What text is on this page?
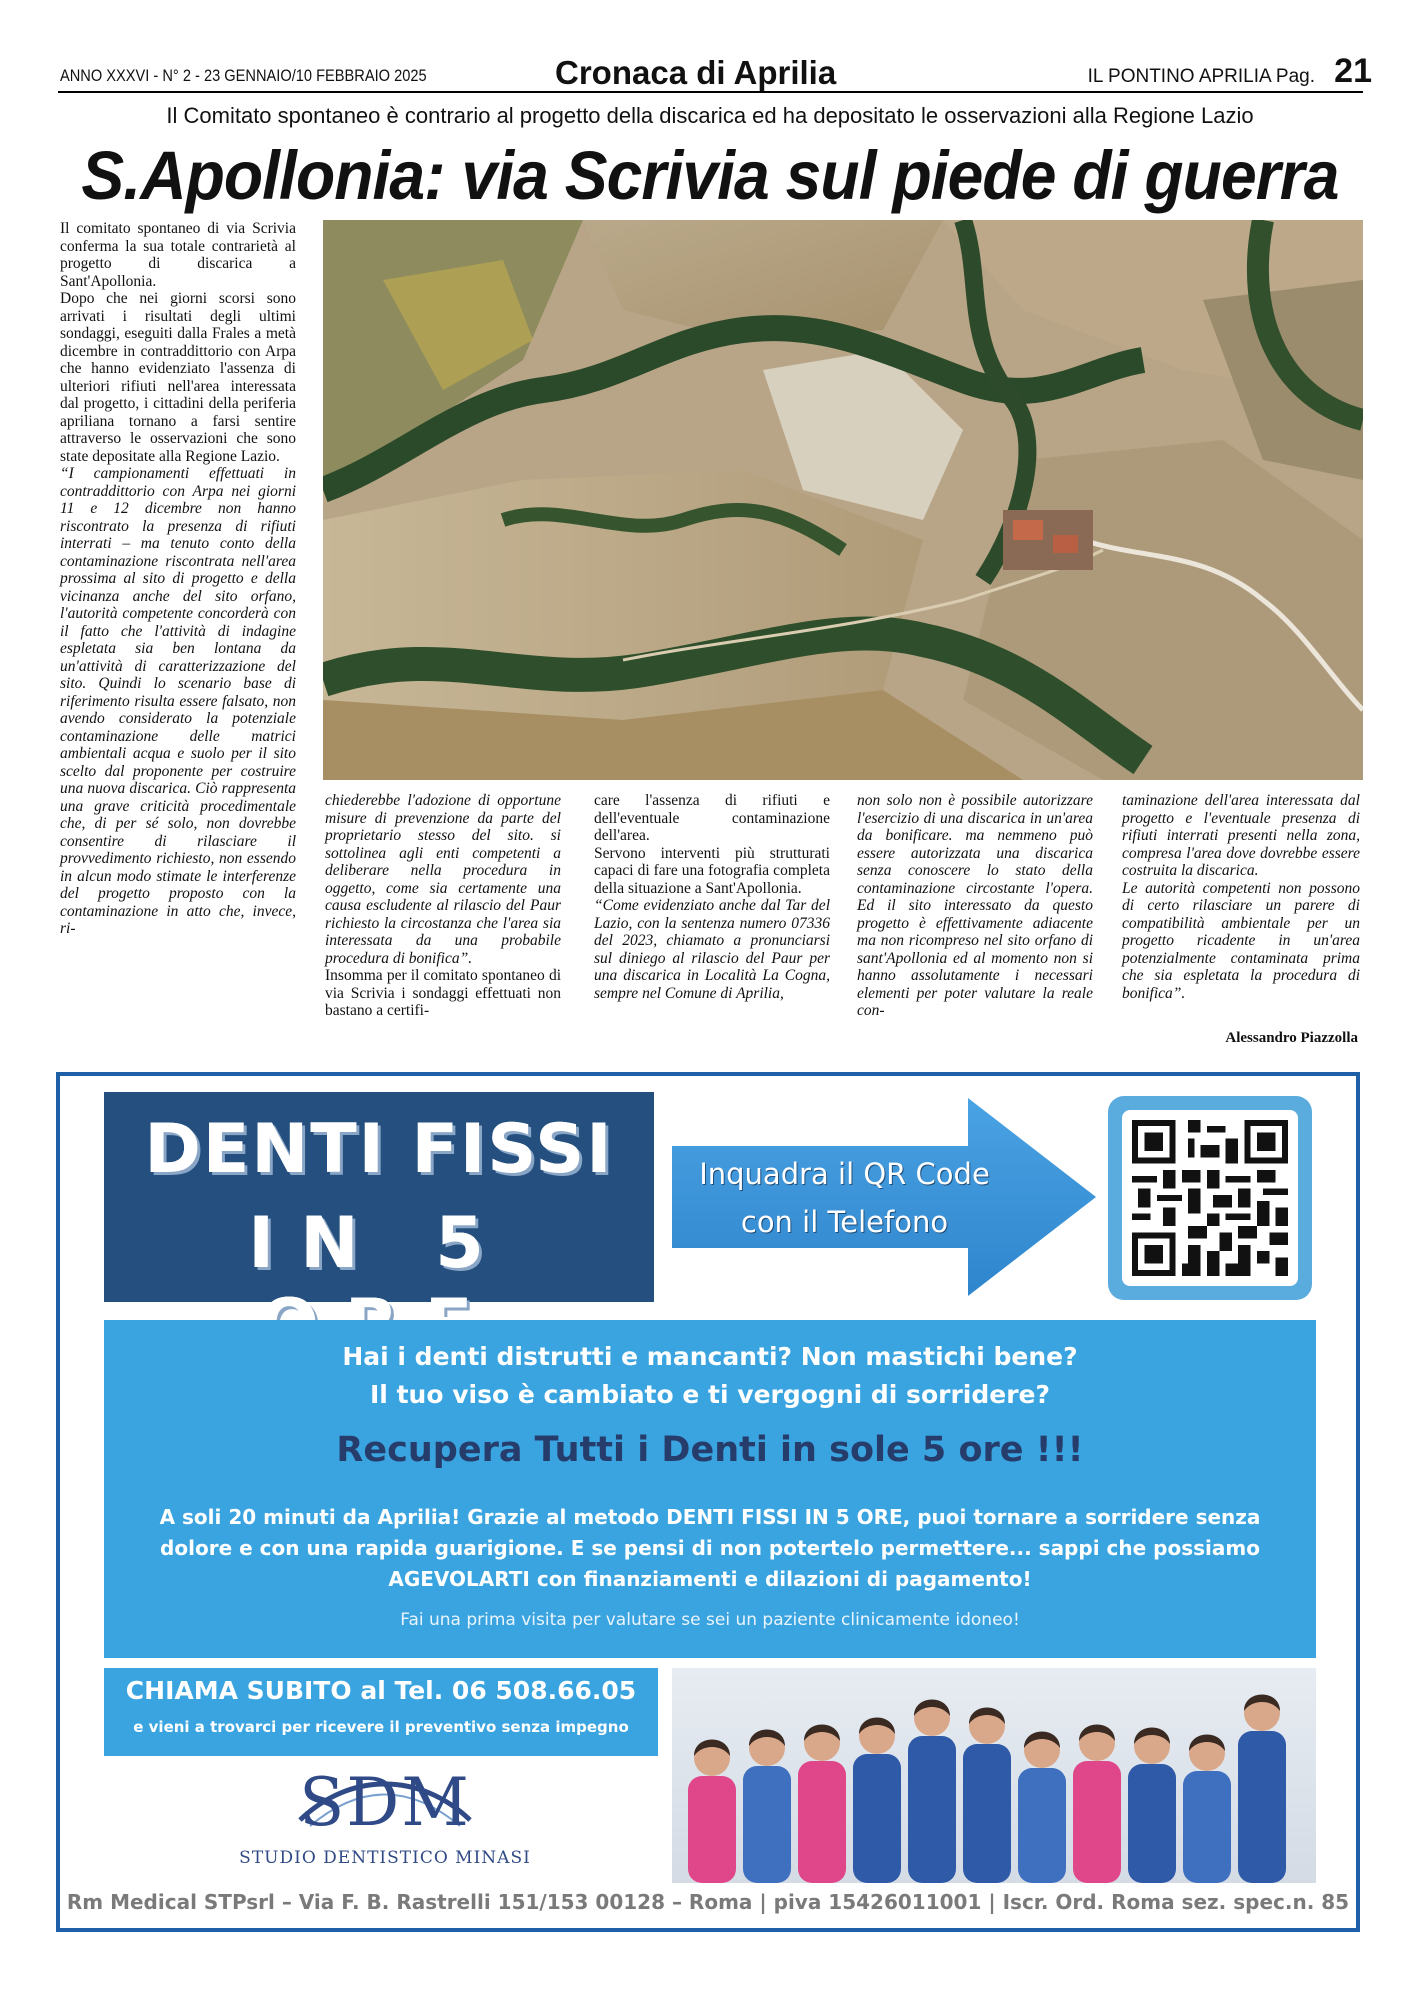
ANNO XXXVI - N° 2 - 23 GENNAIO/10 FEBBRAIO 2025	Cronaca di Aprilia	IL PONTINO APRILIA Pag. 21
Il Comitato spontaneo è contrario al progetto della discarica ed ha depositato le osservazioni alla Regione Lazio
S.Apollonia: via Scrivia sul piede di guerra

Il comitato spontaneo di via Scrivia conferma la sua totale contrarietà al progetto di discarica a Sant'Apollonia.

Dopo che nei giorni scorsi sono arrivati i risultati degli ultimi sondaggi, eseguiti dalla Frales a metà dicembre in contraddittorio con Arpa che hanno evidenziato l'assenza di ulteriori rifiuti nell'area interessata dal progetto, i cittadini della periferia apriliana tornano a farsi sentire attraverso le osservazioni che sono state depositate alla Regione Lazio.

“I campionamenti effettuati in contraddittorio con Arpa nei giorni 11 e 12 dicembre non hanno riscontrato la presenza di rifiuti interrati – ma tenuto conto della contaminazione riscontrata nell'area prossima al sito di progetto e della vicinanza anche del sito orfano, l'autorità competente concorderà con il fatto che l'attività di indagine espletata sia ben lontana da un'attività di caratterizzazione del sito. Quindi lo scenario base di riferimento risulta essere falsato, non avendo considerato la potenziale contaminazione delle matrici ambientali acqua e suolo per il sito scelto dal proponente per costruire una nuova discarica. Ciò rappresenta una grave criticità procedimentale che, di per sé solo, non dovrebbe consentire di rilasciare il provvedimento richiesto, non essendo in alcun modo stimate le interferenze del progetto proposto con la contaminazione in atto che, invece, ri-

chiederebbe l'adozione di opportune misure di prevenzione da parte del proprietario stesso del sito. si sottolinea agli enti competenti a deliberare nella procedura in oggetto, come sia certamente una causa escludente al rilascio del Paur richiesto la circostanza che l'area sia interessata da una probabile procedura di bonifica”.

Insomma per il comitato spontaneo di via Scrivia i sondaggi effettuati non bastano a certifi-

care l'assenza di rifiuti e dell'eventuale contaminazione dell'area.

Servono interventi più strutturati capaci di fare una fotografia completa della situazione a Sant'Apollonia.

“Come evidenziato anche dal Tar del Lazio, con la sentenza numero 07336 del 2023, chiamato a pronunciarsi sul diniego al rilascio del Paur per una discarica in Località La Cogna, sempre nel Comune di Aprilia,

non solo non è possibile autorizzare l'esercizio di una discarica in un'area da bonificare. ma nemmeno può essere autorizzata una discarica senza conoscere lo stato della contaminazione circostante l'opera. Ed il sito interessato da questo progetto è effettivamente adiacente ma non ricompreso nel sito orfano di sant'Apollonia ed al momento non si hanno assolutamente i necessari elementi per poter valutare la reale con-

taminazione dell'area interessata dal progetto e l'eventuale presenza di rifiuti interrati presenti nella zona, compresa l'area dove dovrebbe essere costruita la discarica.

Le autorità competenti non possono di certo rilasciare un parere di compatibilità ambientale per un progetto ricadente in un'area potenzialmente contaminata prima che sia espletata la procedura di bonifica”.

Alessandro Piazzolla
DENTI FISSI
IN 5
Inquadra il QR Code
con il Telefono
Hai i denti distrutti e mancanti? Non mastichi bene?
Il tuo viso è cambiato e ti vergogni di sorridere?
Recupera Tutti i Denti in sole 5 ore !!!
A soli 20 minuti da Aprilia! Grazie al metodo DENTI FISSI IN 5 ORE, puoi tornare a sorridere senza dolore e con una rapida guarigione. E se pensi di non potertelo permettere... sappi che possiamo AGEVOLARTI con finanziamenti e dilazioni di pagamento!
Fai una prima visita per valutare se sei un paziente clinicamente idoneo!
CHIAMA SUBITO al Tel. 06 508.66.05
e vieni a trovarci per ricevere il preventivo senza impegno
SDM
STUDIO DENTISTICO MINASI
Rm Medical STPsrl – Via F. B. Rastrelli 151/153 00128 – Roma | piva 15426011001 | Iscr. Ord. Roma sez. spec.n. 85
